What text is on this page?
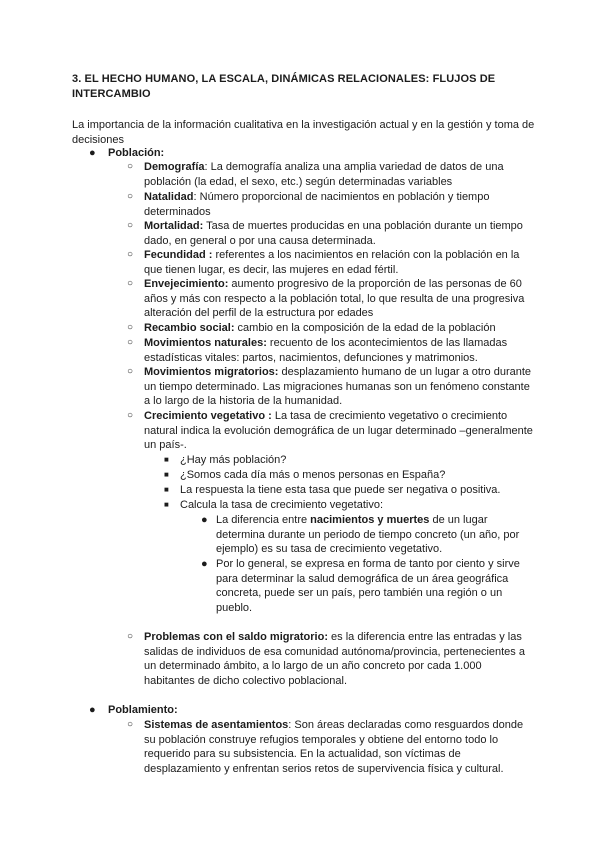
3. EL HECHO HUMANO, LA ESCALA, DINÁMICAS RELACIONALES: FLUJOS DE INTERCAMBIO
La importancia de la información cualitativa en la investigación actual y en la gestión y toma de decisiones
● Población:
○ Demografía: La demografía analiza una amplia variedad de datos de una población (la edad, el sexo, etc.) según determinadas variables
○ Natalidad: Número proporcional de nacimientos en población y tiempo determinados
○ Mortalidad: Tasa de muertes producidas en una población durante un tiempo dado, en general o por una causa determinada.
○ Fecundidad : referentes a los nacimientos en relación con la población en la que tienen lugar, es decir, las mujeres en edad fértil.
○ Envejecimiento: aumento progresivo de la proporción de las personas de 60 años y más con respecto a la población total, lo que resulta de una progresiva alteración del perfil de la estructura por edades
○ Recambio social: cambio en la composición de la edad de la población
○ Movimientos naturales: recuento de los acontecimientos de las llamadas estadísticas vitales: partos, nacimientos, defunciones y matrimonios.
○ Movimientos migratorios: desplazamiento humano de un lugar a otro durante un tiempo determinado. Las migraciones humanas son un fenómeno constante a lo largo de la historia de la humanidad.
○ Crecimiento vegetativo : La tasa de crecimiento vegetativo o crecimiento natural indica la evolución demográfica de un lugar determinado –generalmente un país-.
■ ¿Hay más población?
■ ¿Somos cada día más o menos personas en España?
■ La respuesta la tiene esta tasa que puede ser negativa o positiva.
■ Calcula la tasa de crecimiento vegetativo:
● La diferencia entre nacimientos y muertes de un lugar determina durante un periodo de tiempo concreto (un año, por ejemplo) es su tasa de crecimiento vegetativo.
● Por lo general, se expresa en forma de tanto por ciento y sirve para determinar la salud demográfica de un área geográfica concreta, puede ser un país, pero también una región o un pueblo.
○ Problemas con el saldo migratorio: es la diferencia entre las entradas y las salidas de individuos de esa comunidad autónoma/provincia, pertenecientes a un determinado ámbito, a lo largo de un año concreto por cada 1.000 habitantes de dicho colectivo poblacional.
● Poblamiento:
○ Sistemas de asentamientos: Son áreas declaradas como resguardos donde su población construye refugios temporales y obtiene del entorno todo lo requerido para su subsistencia. En la actualidad, son víctimas de desplazamiento y enfrentan serios retos de supervivencia física y cultural.
